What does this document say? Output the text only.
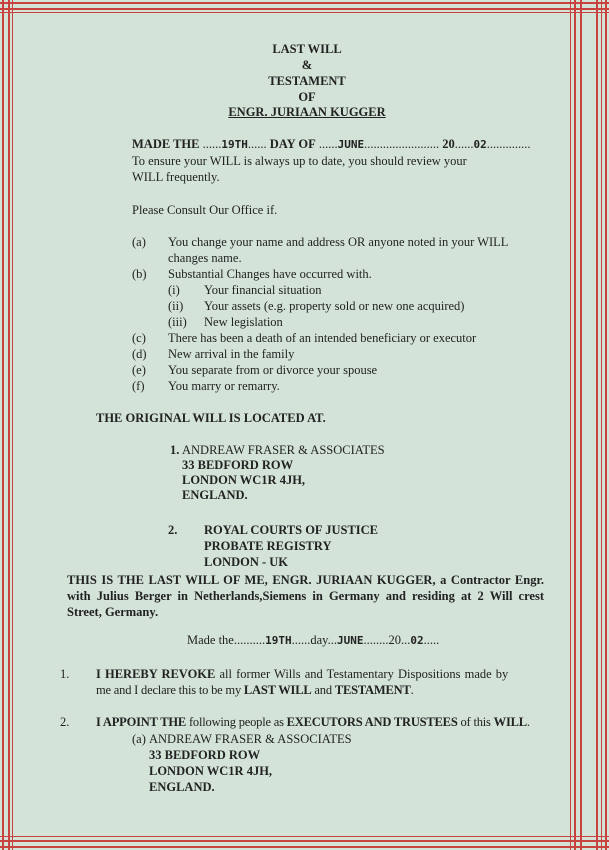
LAST WILL
&
TESTAMENT
OF
ENGR. JURIAAN KUGGER
MADE THE ......19TH...... DAY OF ......JUNE........................ 20......02..............
To ensure your WILL is always up to date, you should review your
WILL frequently.
Please Consult Our Office if.
(a) You change your name and address OR anyone noted in your WILL
changes name.
(b) Substantial Changes have occurred with.
(i) Your financial situation
(ii) Your assets (e.g. property sold or new one acquired)
(iii) New legislation
(c) There has been a death of an intended beneficiary or executor
(d) New arrival in the family
(e) You separate from or divorce your spouse
(f) You marry or remarry.
THE ORIGINAL WILL IS LOCATED AT.
1. ANDREAW FRASER & ASSOCIATES
33 BEDFORD ROW
LONDON WC1R 4JH,
ENGLAND.
2. ROYAL COURTS OF JUSTICE
PROBATE REGISTRY
LONDON - UK
THIS IS THE LAST WILL OF ME, ENGR. JURIAAN KUGGER, a Contractor Engr. with Julius Berger in Netherlands,Siemens in Germany and residing at 2 Will crest Street, Germany.
Made the..........19TH......day...JUNE........20...02.....
1. I HEREBY REVOKE all former Wills and Testamentary Dispositions made by
me and I declare this to be my LAST WILL and TESTAMENT.
2. I APPOINT THE following people as EXECUTORS AND TRUSTEES of this WILL.
(a) ANDREAW FRASER & ASSOCIATES
33 BEDFORD ROW
LONDON WC1R 4JH,
ENGLAND.
